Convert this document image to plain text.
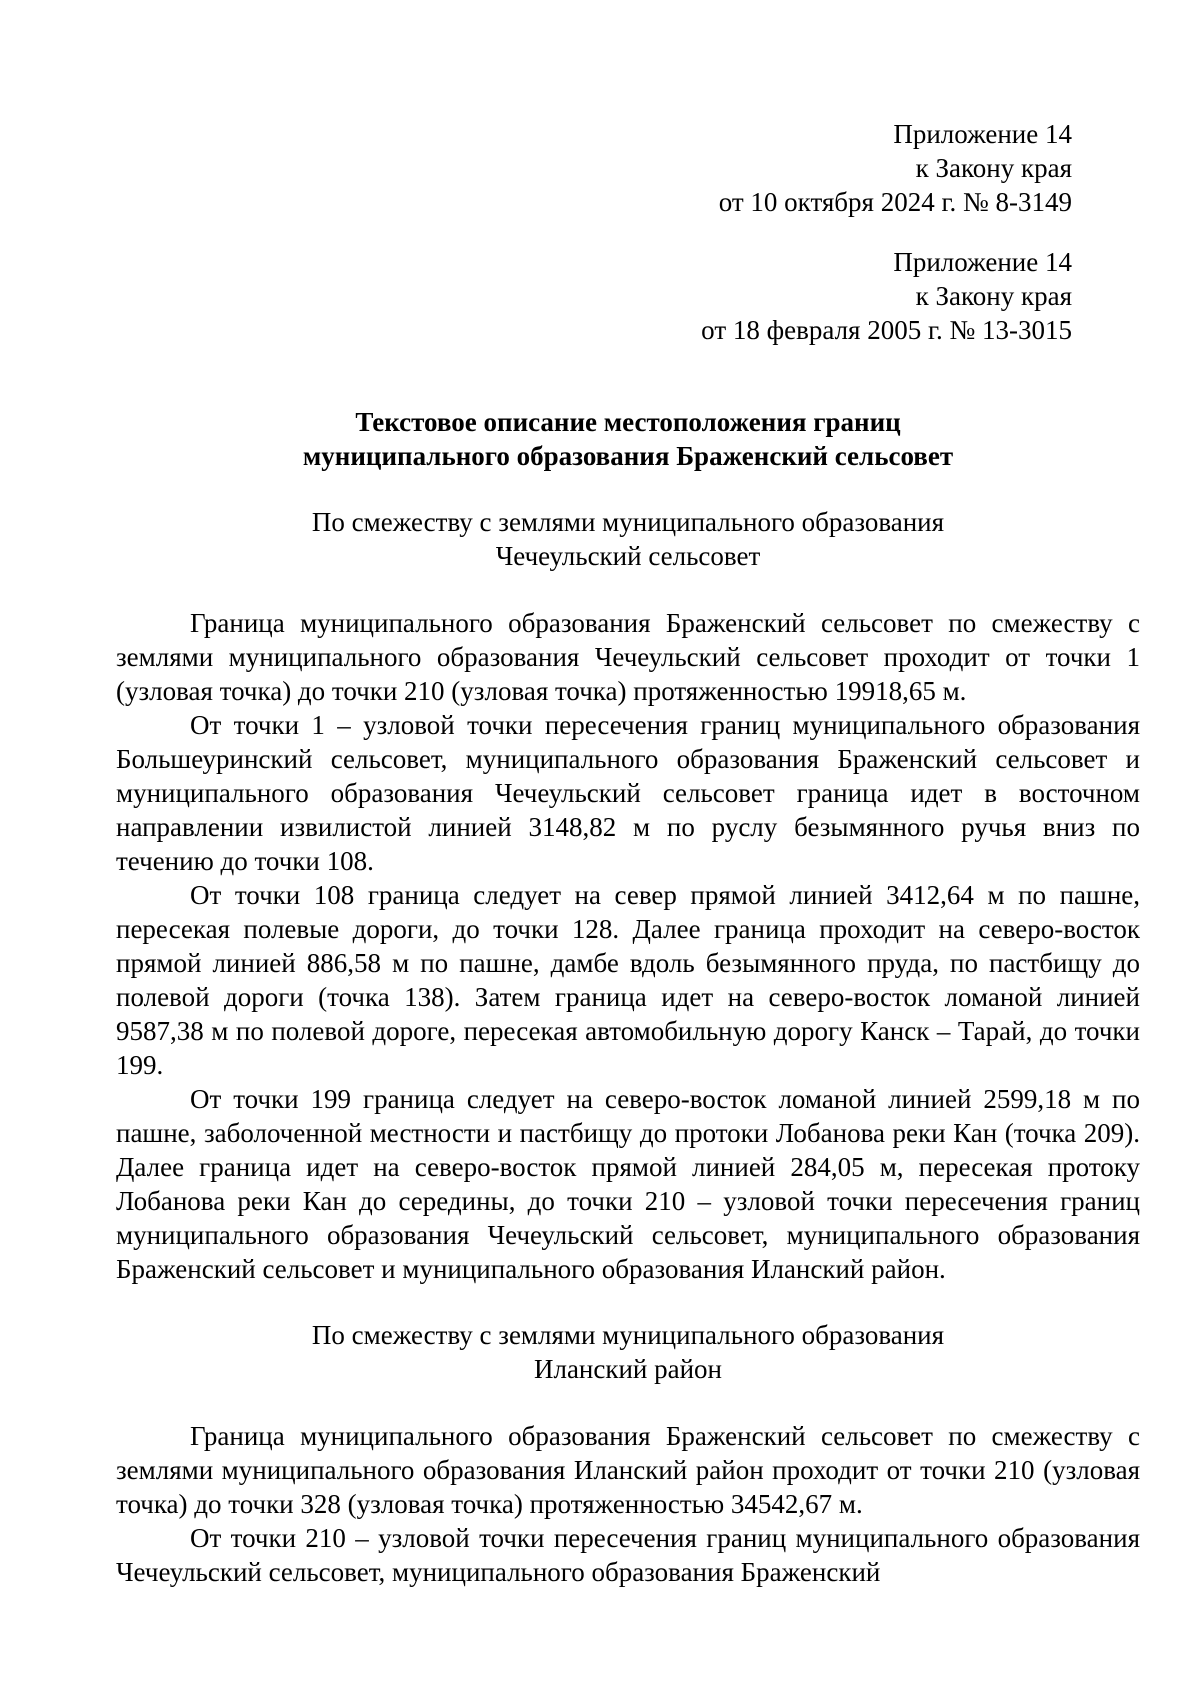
Приложение 14
к Закону края
от 10 октября 2024 г. № 8-3149
Приложение 14
к Закону края
от 18 февраля 2005 г. № 13-3015
Текстовое описание местоположения границ
муниципального образования Браженский сельсовет
По смежеству с землями муниципального образования
Чечеульский сельсовет

Граница муниципального образования Браженский сельсовет по смежеству с землями муниципального образования Чечеульский сельсовет проходит от точки 1 (узловая точка) до точки 210 (узловая точка) протяженностью 19918,65 м.

От точки 1 – узловой точки пересечения границ муниципального образования Большеуринский сельсовет, муниципального образования Браженский сельсовет и муниципального образования Чечеульский сельсовет граница идет в восточном направлении извилистой линией 3148,82 м по руслу безымянного ручья вниз по течению до точки 108.

От точки 108 граница следует на север прямой линией 3412,64 м по пашне, пересекая полевые дороги, до точки 128. Далее граница проходит на северо-восток прямой линией 886,58 м по пашне, дамбе вдоль безымянного пруда, по пастбищу до полевой дороги (точка 138). Затем граница идет на северо-восток ломаной линией 9587,38 м по полевой дороге, пересекая автомобильную дорогу Канск – Тарай, до точки 199.

От точки 199 граница следует на северо-восток ломаной линией 2599,18 м по пашне, заболоченной местности и пастбищу до протоки Лобанова реки Кан (точка 209). Далее граница идет на северо-восток прямой линией 284,05 м, пересекая протоку Лобанова реки Кан до середины, до точки 210 – узловой точки пересечения границ муниципального образования Чечеульский сельсовет, муниципального образования Браженский сельсовет и муниципального образования Иланский район.

По смежеству с землями муниципального образования
Иланский район

Граница муниципального образования Браженский сельсовет по смежеству с землями муниципального образования Иланский район проходит от точки 210 (узловая точка) до точки 328 (узловая точка) протяженностью 34542,67 м.

От точки 210 – узловой точки пересечения границ муниципального образования Чечеульский сельсовет, муниципального образования Браженский
